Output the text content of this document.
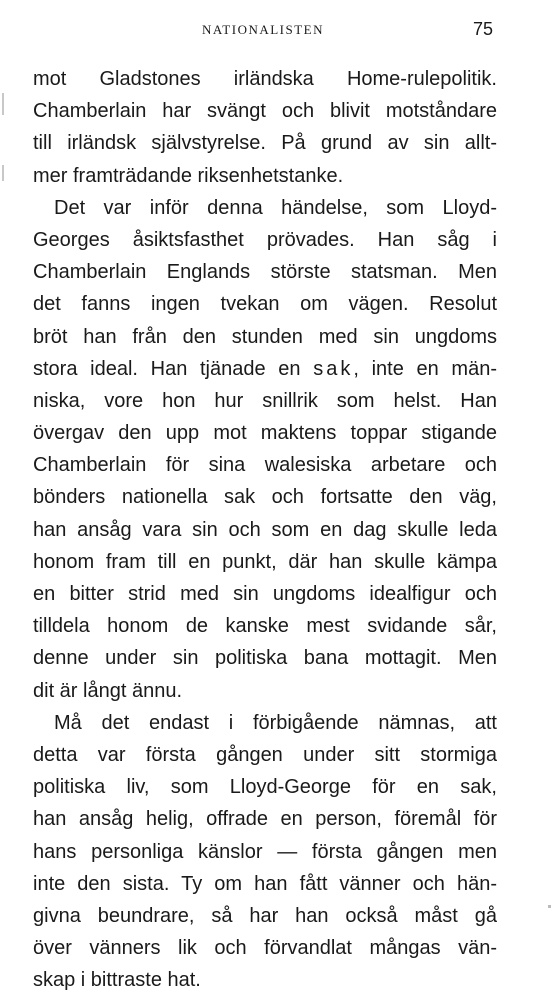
NATIONALISTEN	75
mot Gladstones irländska Home-rulepolitik.
Chamberlain har svängt och blivit motståndare
till irländsk självstyrelse. På grund av sin allt-
mer framträdande riksenhetstanke.
Det var inför denna händelse, som Lloyd-
Georges åsiktsfasthet prövades. Han såg i
Chamberlain Englands störste statsman. Men
det fanns ingen tvekan om vägen. Resolut
bröt han från den stunden med sin ungdoms
stora ideal. Han tjänade en sak, inte en män-
niska, vore hon hur snillrik som helst. Han
övergav den upp mot maktens toppar stigande
Chamberlain för sina walesiska arbetare och
bönders nationella sak och fortsatte den väg,
han ansåg vara sin och som en dag skulle leda
honom fram till en punkt, där han skulle kämpa
en bitter strid med sin ungdoms idealfigur och
tilldela honom de kanske mest svidande sår,
denne under sin politiska bana mottagit. Men
dit är långt ännu.
Må det endast i förbigående nämnas, att
detta var första gången under sitt stormiga
politiska liv, som Lloyd-George för en sak,
han ansåg helig, offrade en person, föremål för
hans personliga känslor — första gången men
inte den sista. Ty om han fått vänner och hän-
givna beundrare, så har han också måst gå
över vänners lik och förvandlat mångas vän-
skap i bittraste hat.
